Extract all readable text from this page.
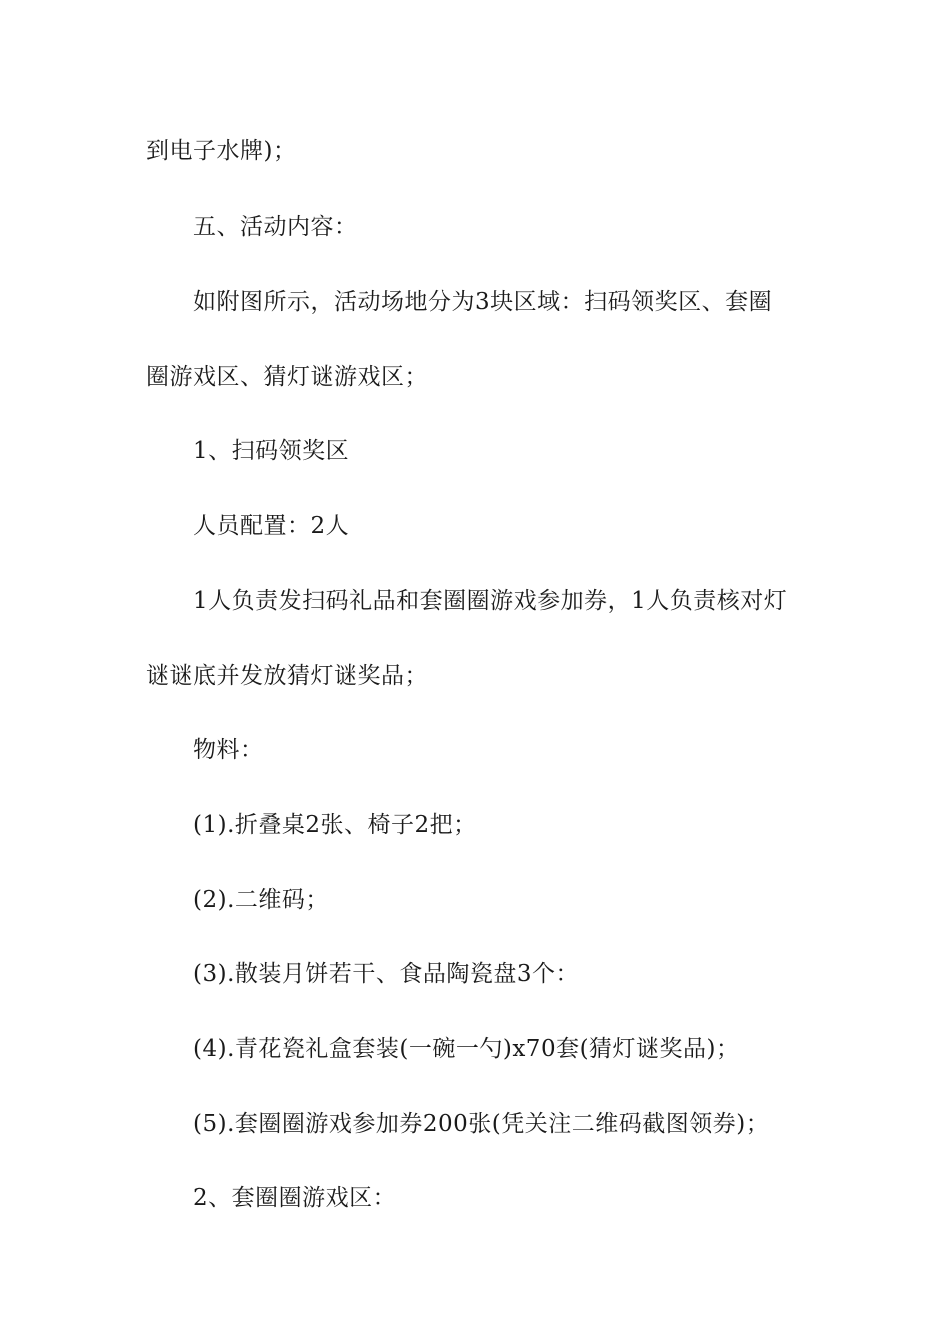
到电子水牌)；
五、活动内容：
如附图所示，活动场地分为3块区域：扫码领奖区、套圈
圈游戏区、猜灯谜游戏区；
1、扫码领奖区
人员配置：2人
1人负责发扫码礼品和套圈圈游戏参加券，1人负责核对灯
谜谜底并发放猜灯谜奖品；
物料：
(1).折叠桌2张、椅子2把；
(2).二维码；
(3).散装月饼若干、食品陶瓷盘3个：
(4).青花瓷礼盒套装(一碗一勺)x70套(猜灯谜奖品)；
(5).套圈圈游戏参加券200张(凭关注二维码截图领券)；
2、套圈圈游戏区：
